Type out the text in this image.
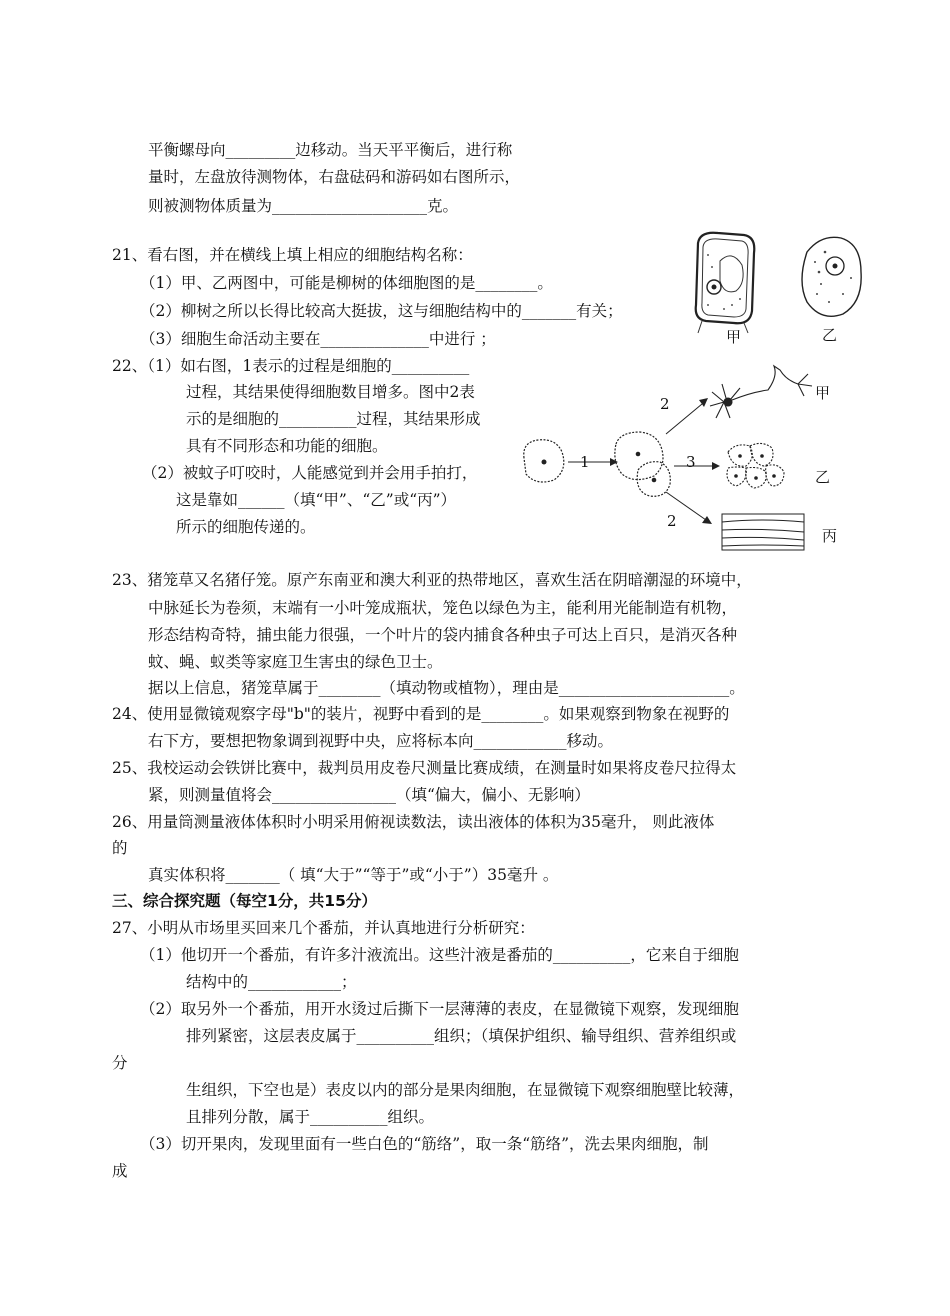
平衡螺母向_________边移动。当天平平衡后，进行称
量时，左盘放待测物体，右盘砝码和游码如右图所示，
则被测物体质量为____________________克。
21、看右图，并在横线上填上相应的细胞结构名称：
（1）甲、乙两图中，可能是柳树的体细胞图的是________。
（2）柳树之所以长得比较高大挺拔，这与细胞结构中的_______有关；
（3）细胞生命活动主要在______________中进行 ；
22、（1）如右图，1表示的过程是细胞的__________
过程，其结果使得细胞数目增多。图中2表
示的是细胞的__________过程，其结果形成
具有不同形态和功能的细胞。
（2）被蚊子叮咬时，人能感觉到并会用手拍打，
这是靠如______（填“甲”、“乙”或“丙”）
所示的细胞传递的。
23、猪笼草又名猪仔笼。原产东南亚和澳大利亚的热带地区，喜欢生活在阴暗潮湿的环境中，
中脉延长为卷须，末端有一小叶笼成瓶状，笼色以绿色为主，能利用光能制造有机物，
形态结构奇特，捕虫能力很强，一个叶片的袋内捕食各种虫子可达上百只，是消灭各种
蚊、蝇、蚁类等家庭卫生害虫的绿色卫士。
据以上信息，猪笼草属于________（填动物或植物），理由是______________________。
24、使用显微镜观察字母"b"的装片，视野中看到的是________。如果观察到物象在视野的
右下方，要想把物象调到视野中央，应将标本向____________移动。
25、我校运动会铁饼比赛中，裁判员用皮卷尺测量比赛成绩，在测量时如果将皮卷尺拉得太
紧，则测量值将会________________（填“偏大，偏小、无影响）
26、用量筒测量液体体积时小明采用俯视读数法，读出液体的体积为35毫升， 则此液体
的
真实体积将_______（ 填“大于”“等于”或“小于”）35毫升 。
三、综合探究题（每空1分，共15分）
27、小明从市场里买回来几个番茄，并认真地进行分析研究：
（1）他切开一个番茄，有许多汁液流出。这些汁液是番茄的__________，它来自于细胞
结构中的____________；
（2）取另外一个番茄，用开水烫过后撕下一层薄薄的表皮，在显微镜下观察，发现细胞
排列紧密，这层表皮属于__________组织；（填保护组织、输导组织、营养组织或
分
生组织，下空也是）表皮以内的部分是果肉细胞，在显微镜下观察细胞壁比较薄，
且排列分散，属于__________组织。
（3）切开果肉，发现里面有一些白色的“筋络”，取一条“筋络”，洗去果肉细胞，制
成
甲	乙
1
2
3
2
甲
乙
丙
